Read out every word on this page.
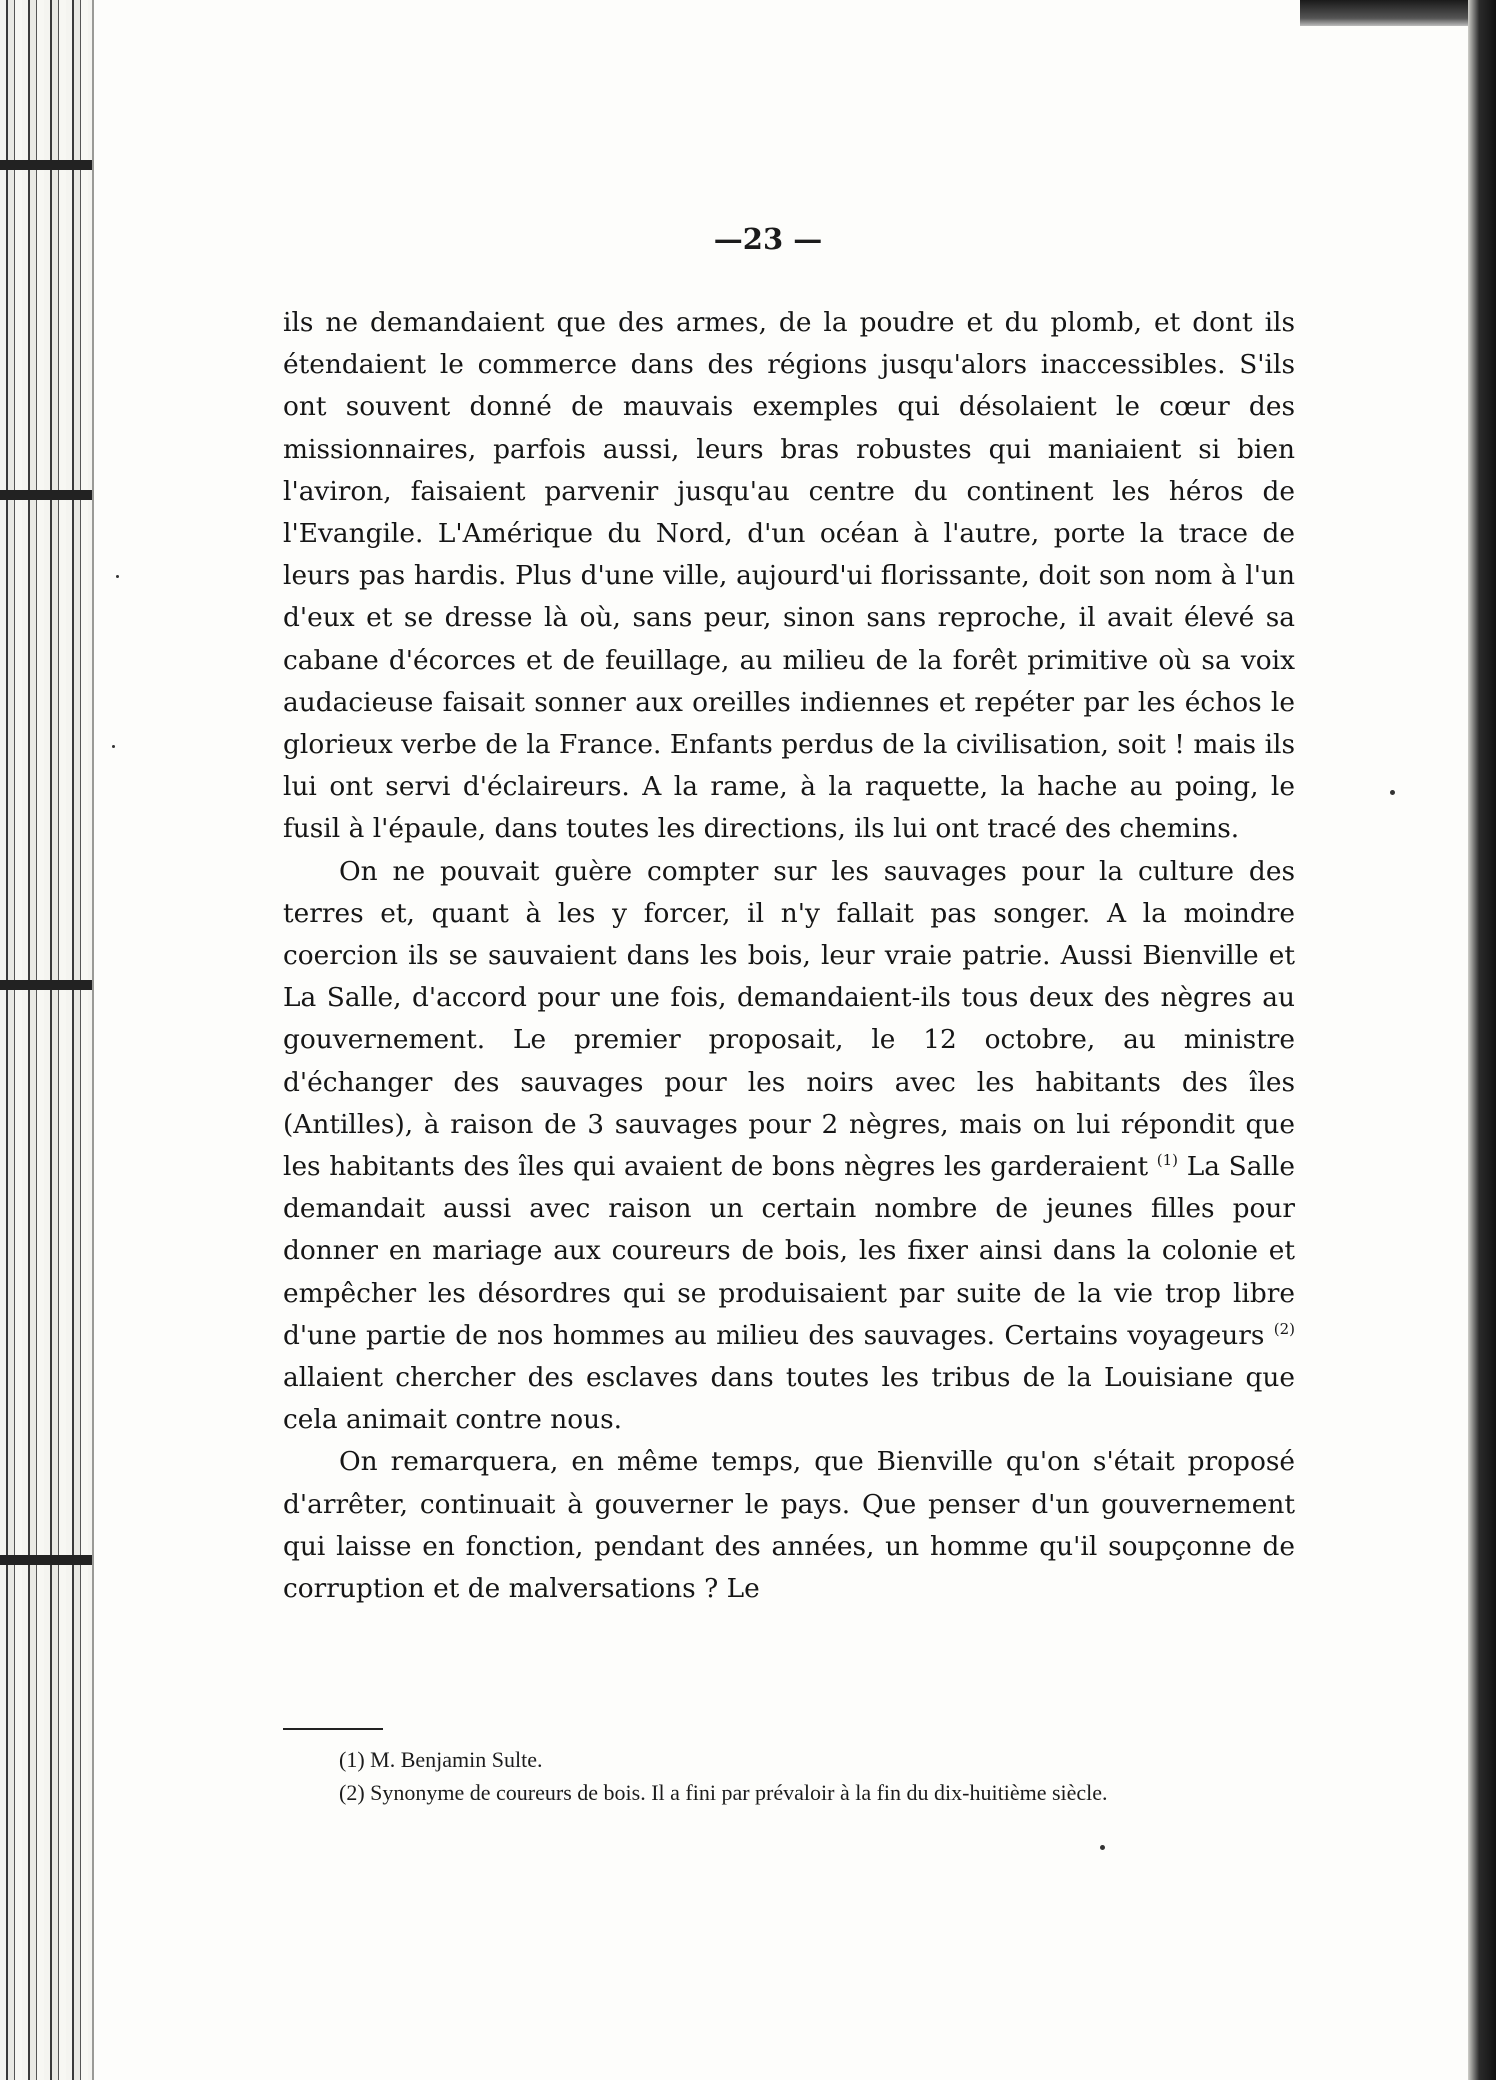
—23 —

ils ne demandaient que des armes, de la poudre et du plomb, et dont ils étendaient le commerce dans des régions jusqu'alors inaccessibles. S'ils ont souvent donné de mauvais exemples qui désolaient le cœur des missionnaires, parfois aussi, leurs bras robustes qui maniaient si bien l'aviron, faisaient parvenir jusqu'au centre du continent les héros de l'Evangile. L'Amérique du Nord, d'un océan à l'autre, porte la trace de leurs pas hardis. Plus d'une ville, aujourd'ui florissante, doit son nom à l'un d'eux et se dresse là où, sans peur, sinon sans reproche, il avait élevé sa cabane d'écorces et de feuillage, au milieu de la forêt primitive où sa voix audacieuse faisait sonner aux oreilles indiennes et repéter par les échos le glorieux verbe de la France. Enfants perdus de la civilisation, soit ! mais ils lui ont servi d'éclaireurs. A la rame, à la raquette, la hache au poing, le fusil à l'épaule, dans toutes les directions, ils lui ont tracé des chemins.

On ne pouvait guère compter sur les sauvages pour la culture des terres et, quant à les y forcer, il n'y fallait pas songer. A la moindre coercion ils se sauvaient dans les bois, leur vraie patrie. Aussi Bienville et La Salle, d'accord pour une fois, demandaient-ils tous deux des nègres au gouvernement. Le premier proposait, le 12 octobre, au ministre d'échanger des sauvages pour les noirs avec les habitants des îles (Antilles), à raison de 3 sauvages pour 2 nègres, mais on lui répondit que les habitants des îles qui avaient de bons nègres les garderaient $^{(1)}$ La Salle demandait aussi avec raison un certain nombre de jeunes filles pour donner en mariage aux coureurs de bois, les fixer ainsi dans la colonie et empêcher les désordres qui se produisaient par suite de la vie trop libre d'une partie de nos hommes au milieu des sauvages. Certains voyageurs $^{(2)}$ allaient chercher des esclaves dans toutes les tribus de la Louisiane que cela animait contre nous.

On remarquera, en même temps, que Bienville qu'on s'était proposé d'arrêter, continuait à gouverner le pays. Que penser d'un gouvernement qui laisse en fonction, pendant des années, un homme qu'il soupçonne de corruption et de malversations ? Le

(1) M. Benjamin Sulte.

(2) Synonyme de coureurs de bois. Il a fini par prévaloir à la fin du dix-huitième siècle.
